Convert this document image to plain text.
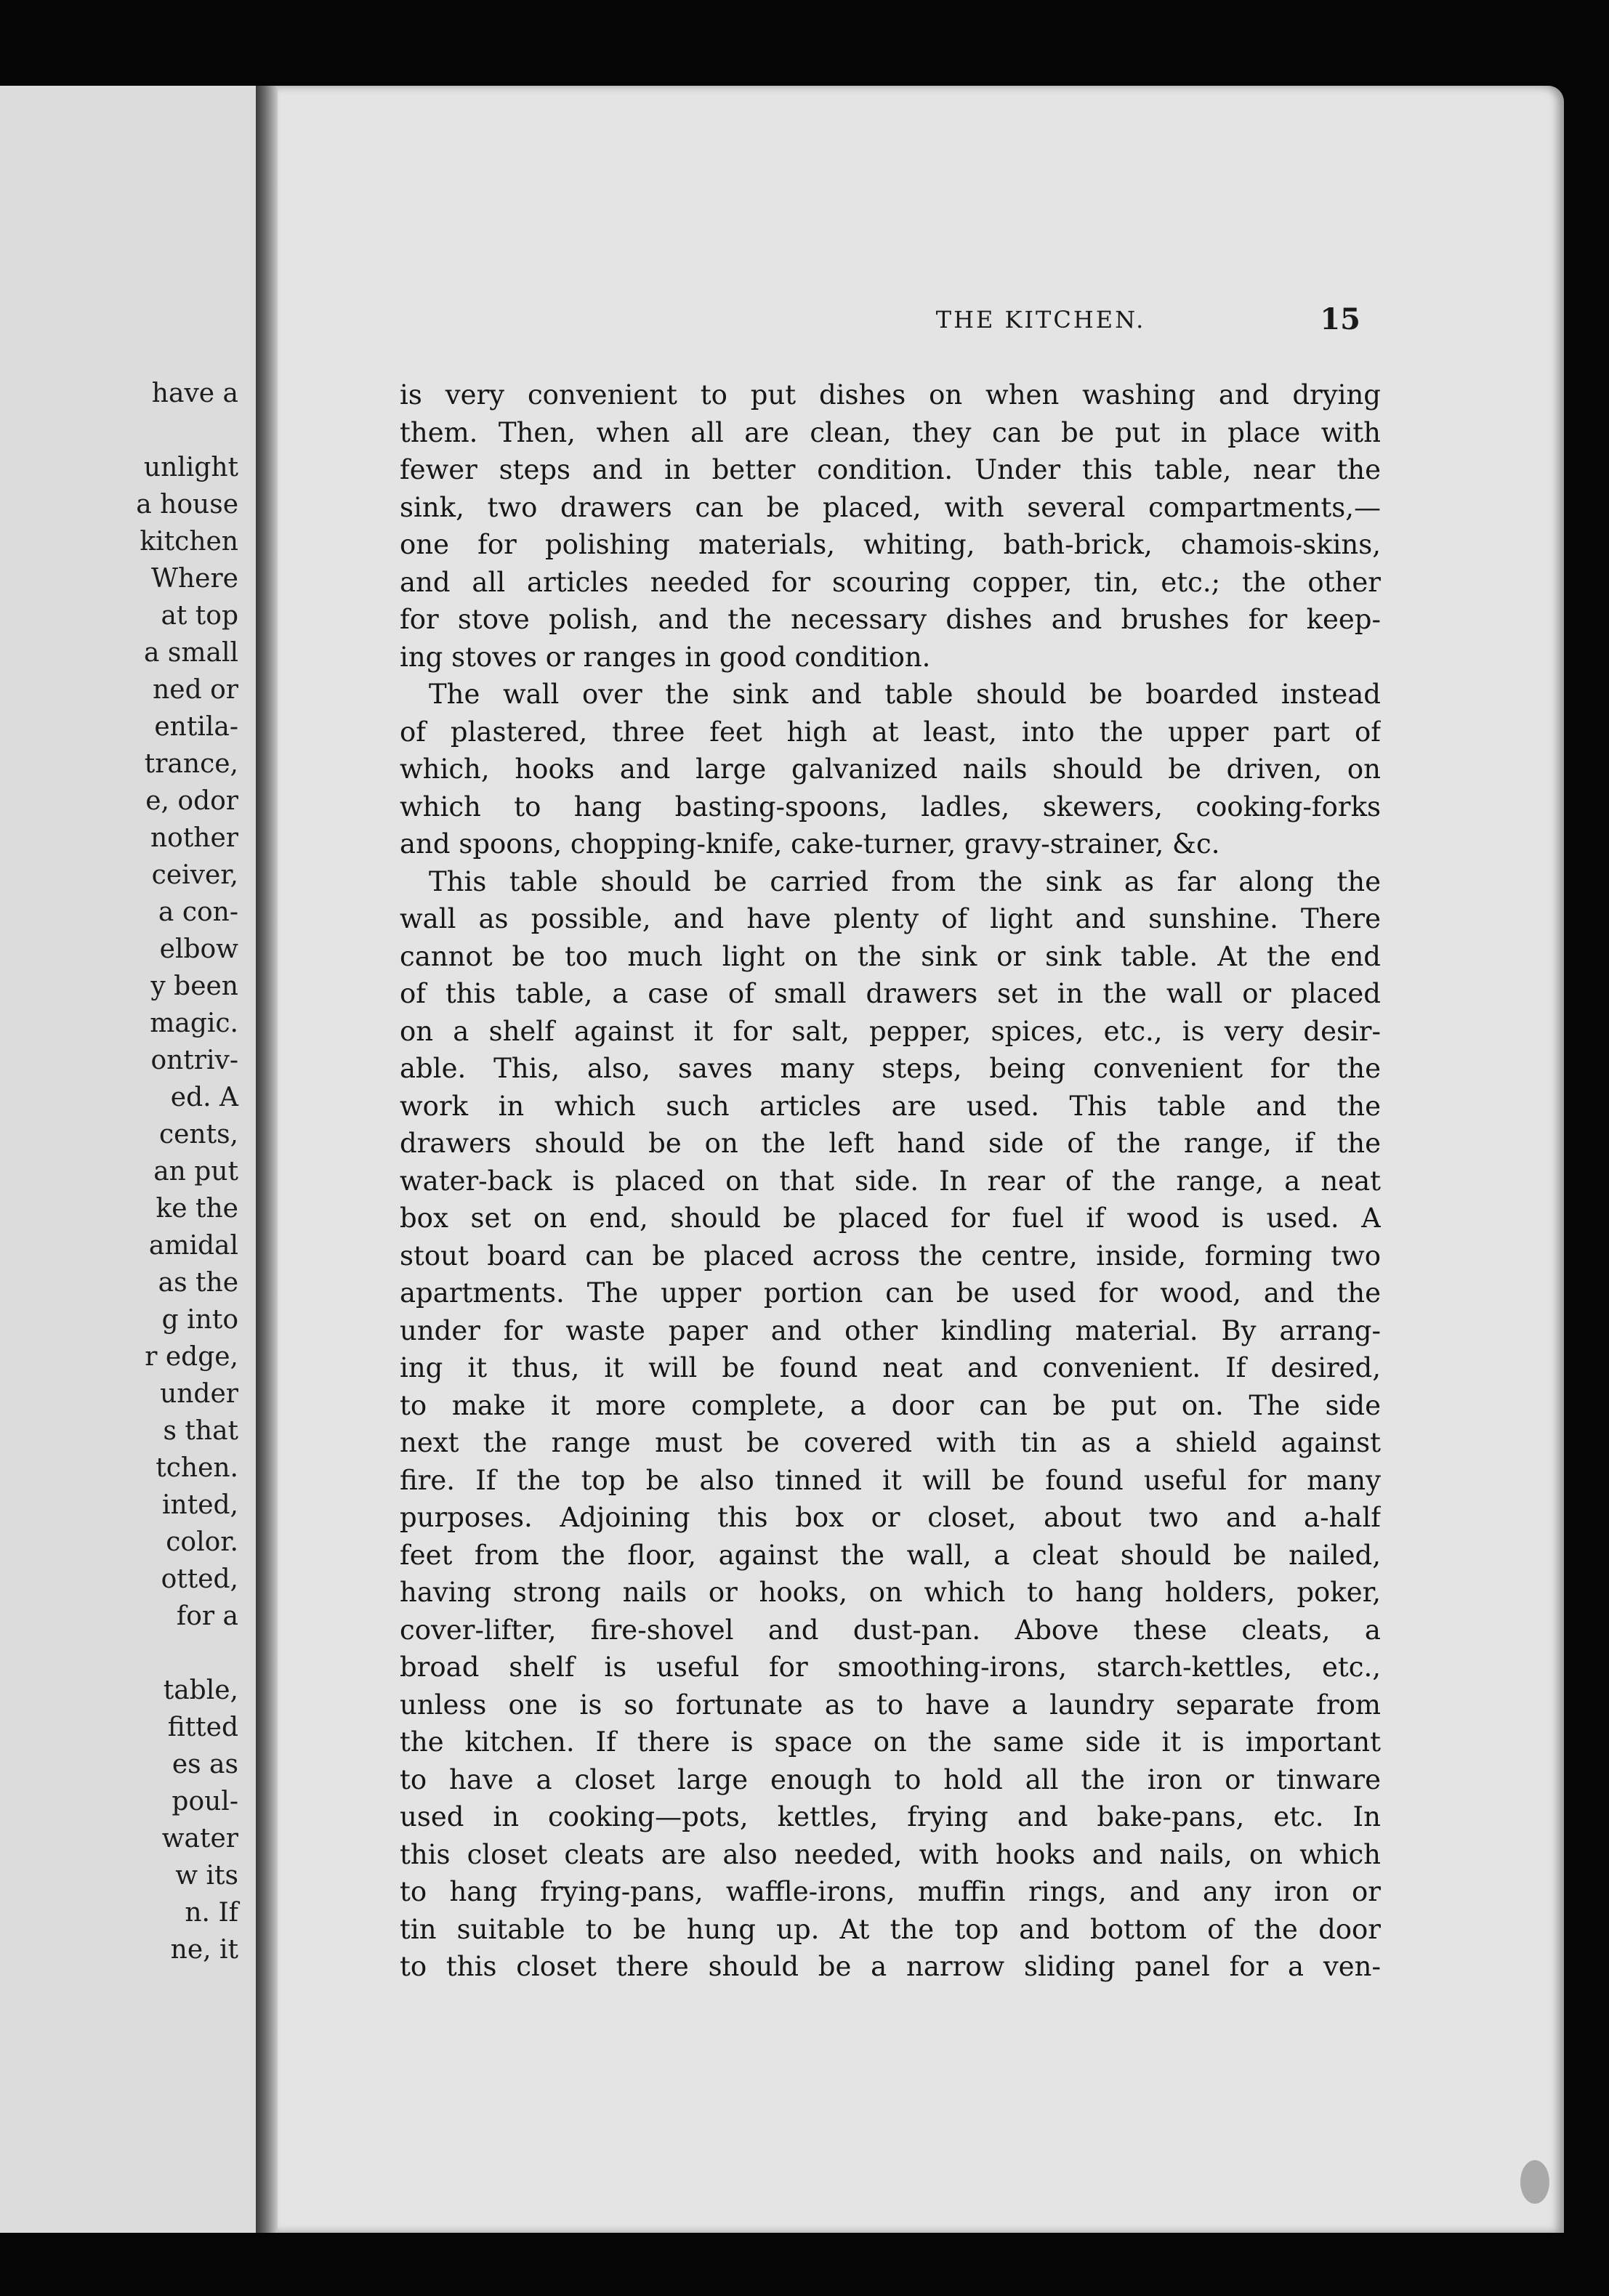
have a
unlight
a house
kitchen
Where
at top
a small
ned or
entila-
trance,
e, odor
nother
ceiver,
a con-
elbow
y been
magic.
ontriv-
ed. A
cents,
an put
ke the
amidal
as the
g into
r edge,
under
s that
tchen.
inted,
color.
otted,
for a
table,
fitted
es as
poul-
water
w its
n. If
ne, it
THE KITCHEN.	15
is very convenient to put dishes on when washing and drying
them. Then, when all are clean, they can be put in place with
fewer steps and in better condition. Under this table, near the
sink, two drawers can be placed, with several compartments,—
one for polishing materials, whiting, bath-brick, chamois-skins,
and all articles needed for scouring copper, tin, etc.; the other
for stove polish, and the necessary dishes and brushes for keep-
ing stoves or ranges in good condition.
The wall over the sink and table should be boarded instead
of plastered, three feet high at least, into the upper part of
which, hooks and large galvanized nails should be driven, on
which to hang basting-spoons, ladles, skewers, cooking-forks
and spoons, chopping-knife, cake-turner, gravy-strainer, &c.
This table should be carried from the sink as far along the
wall as possible, and have plenty of light and sunshine. There
cannot be too much light on the sink or sink table. At the end
of this table, a case of small drawers set in the wall or placed
on a shelf against it for salt, pepper, spices, etc., is very desir-
able. This, also, saves many steps, being convenient for the
work in which such articles are used. This table and the
drawers should be on the left hand side of the range, if the
water-back is placed on that side. In rear of the range, a neat
box set on end, should be placed for fuel if wood is used. A
stout board can be placed across the centre, inside, forming two
apartments. The upper portion can be used for wood, and the
under for waste paper and other kindling material. By arrang-
ing it thus, it will be found neat and convenient. If desired,
to make it more complete, a door can be put on. The side
next the range must be covered with tin as a shield against
fire. If the top be also tinned it will be found useful for many
purposes. Adjoining this box or closet, about two and a-half
feet from the floor, against the wall, a cleat should be nailed,
having strong nails or hooks, on which to hang holders, poker,
cover-lifter, fire-shovel and dust-pan. Above these cleats, a
broad shelf is useful for smoothing-irons, starch-kettles, etc.,
unless one is so fortunate as to have a laundry separate from
the kitchen. If there is space on the same side it is important
to have a closet large enough to hold all the iron or tinware
used in cooking—pots, kettles, frying and bake-pans, etc. In
this closet cleats are also needed, with hooks and nails, on which
to hang frying-pans, waffle-irons, muffin rings, and any iron or
tin suitable to be hung up. At the top and bottom of the door
to this closet there should be a narrow sliding panel for a ven-
